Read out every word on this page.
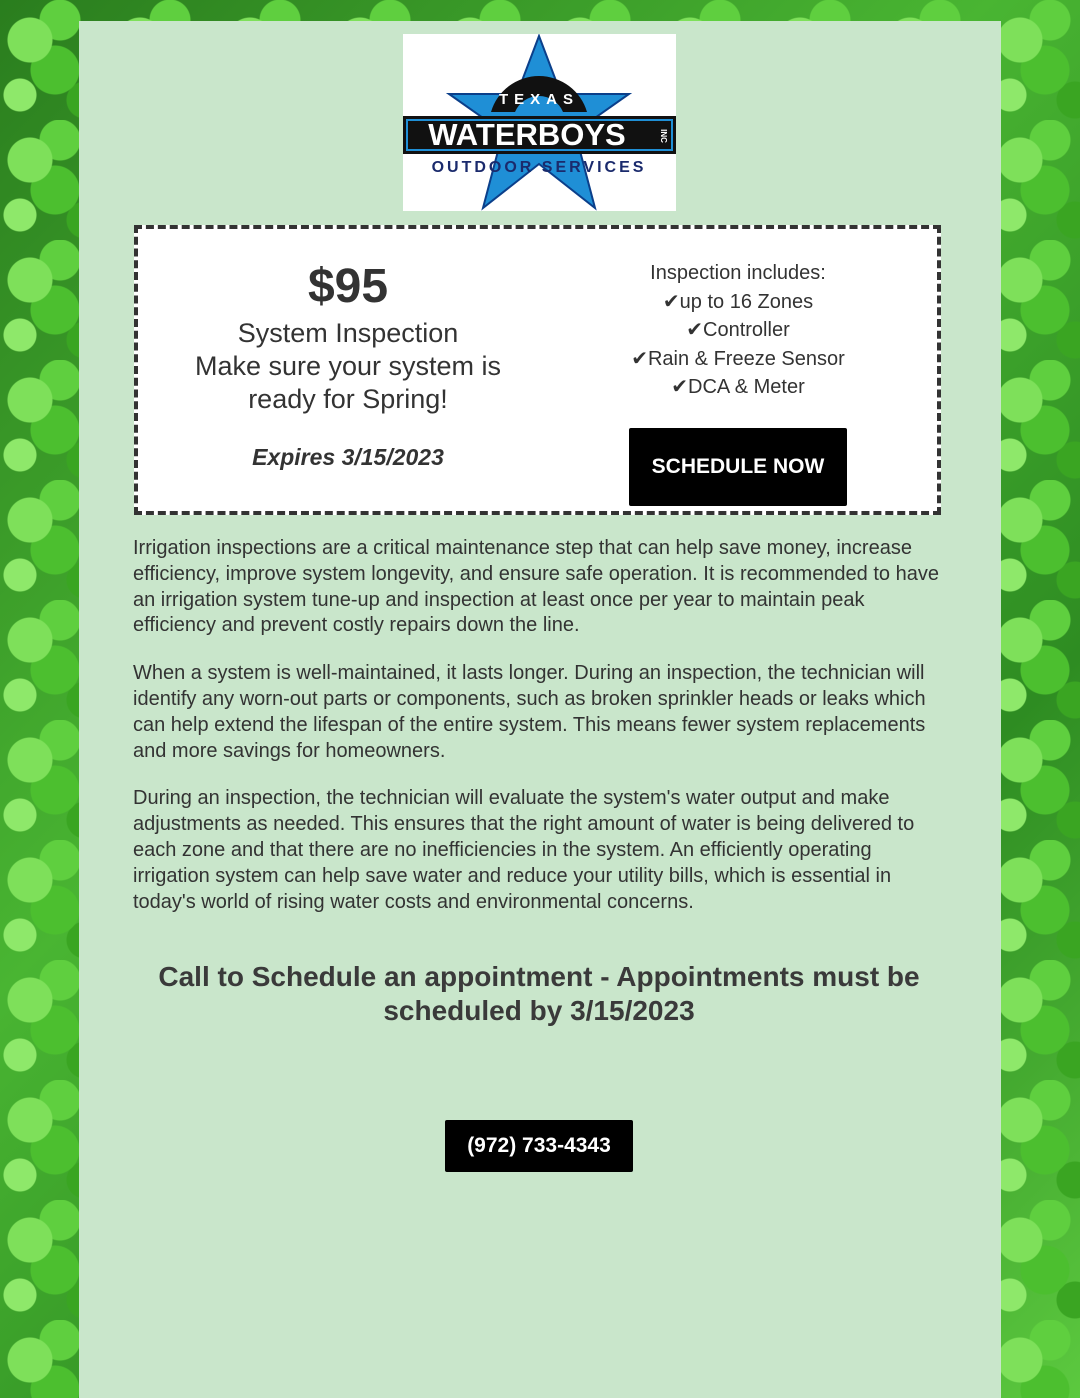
TEXAS
WATERBOYS	INC
OUTDOOR SERVICES
$95
System Inspection
Make sure your system is
ready for Spring!
Expires 3/15/2023
Inspection includes:
✔up to 16 Zones
✔Controller
✔Rain & Freeze Sensor
✔DCA & Meter
SCHEDULE NOW

Irrigation inspections are a critical maintenance step that can help save money, increase efficiency, improve system longevity, and ensure safe operation. It is recommended to have an irrigation system tune-up and inspection at least once per year to maintain peak efficiency and prevent costly repairs down the line.

When a system is well-maintained, it lasts longer. During an inspection, the technician will identify any worn-out parts or components, such as broken sprinkler heads or leaks which can help extend the lifespan of the entire system. This means fewer system replacements and more savings for homeowners.

During an inspection, the technician will evaluate the system's water output and make adjustments as needed. This ensures that the right amount of water is being delivered to each zone and that there are no inefficiencies in the system. An efficiently operating irrigation system can help save water and reduce your utility bills, which is essential in today's world of rising water costs and environmental concerns.

Call to Schedule an appointment - Appointments must be scheduled by 3/15/2023
(972) 733-4343
